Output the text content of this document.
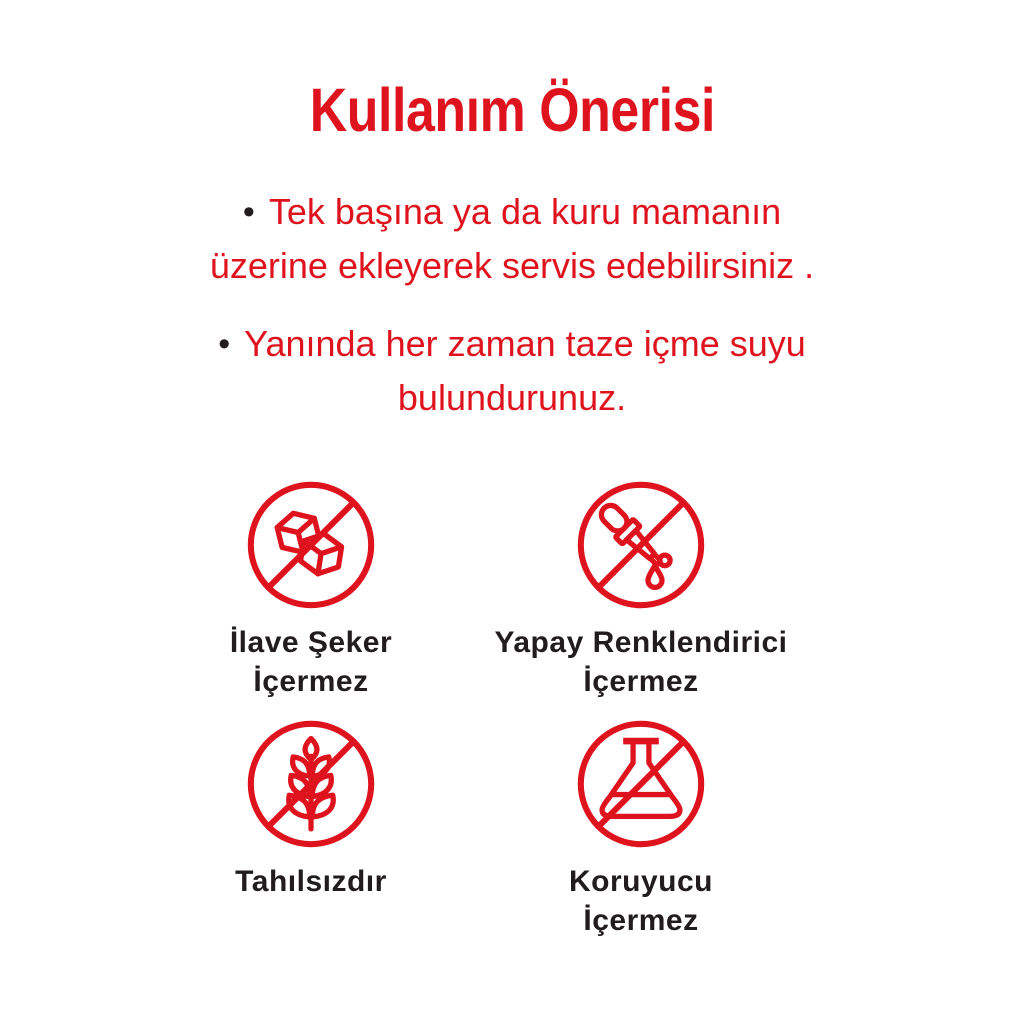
Kullanım Önerisi

• Tek başına ya da kuru mamanın
üzerine ekleyerek servis edebilirsiniz .

• Yanında her zaman taze içme suyu
bulundurunuz.

İlave Şeker
İçermez
Yapay Renklendirici
İçermez
Tahılsızdır	Koruyucu
İçermez
